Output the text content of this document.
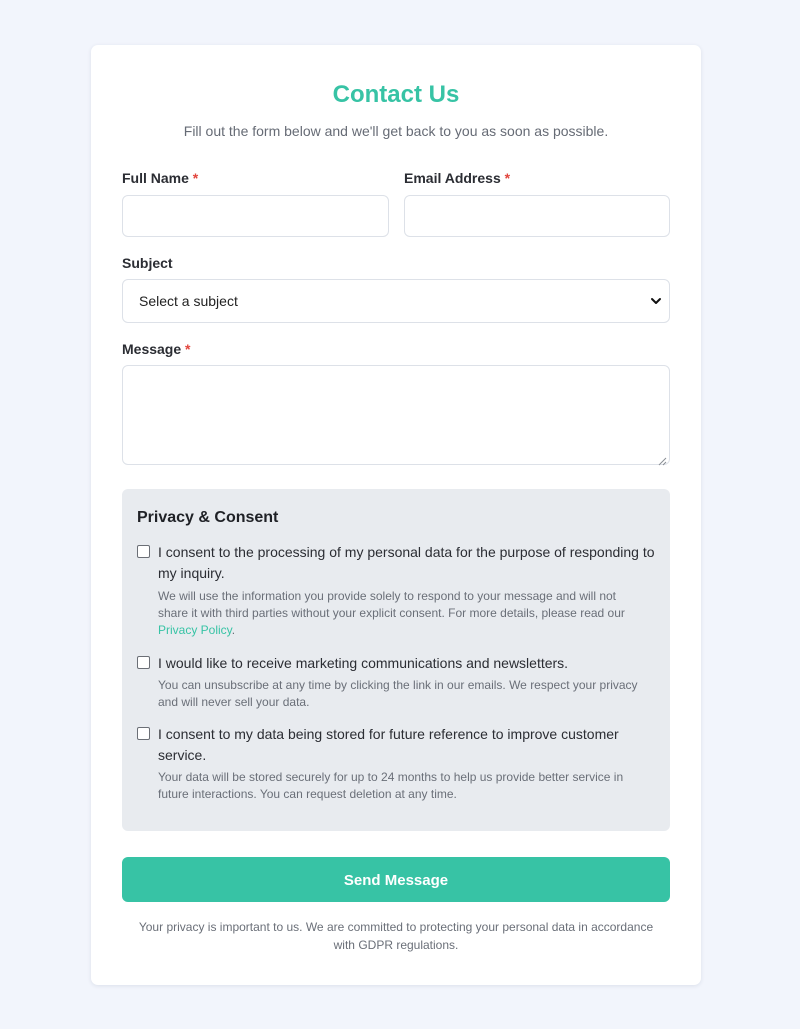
Contact Us

Fill out the form below and we'll get back to you as soon as possible.

Full Name *	Email Address *
Subject
Select a subject
Message *
Privacy & Consent
I consent to the processing of my personal data for the purpose of responding to my inquiry.
We will use the information you provide solely to respond to your message and will not share it with third parties without your explicit consent. For more details, please read our Privacy Policy.
I would like to receive marketing communications and newsletters.
You can unsubscribe at any time by clicking the link in our emails. We respect your privacy and will never sell your data.
I consent to my data being stored for future reference to improve customer service.
Your data will be stored securely for up to 24 months to help us provide better service in future interactions. You can request deletion at any time.
Send Message

Your privacy is important to us. We are committed to protecting your personal data in accordance with GDPR regulations.
